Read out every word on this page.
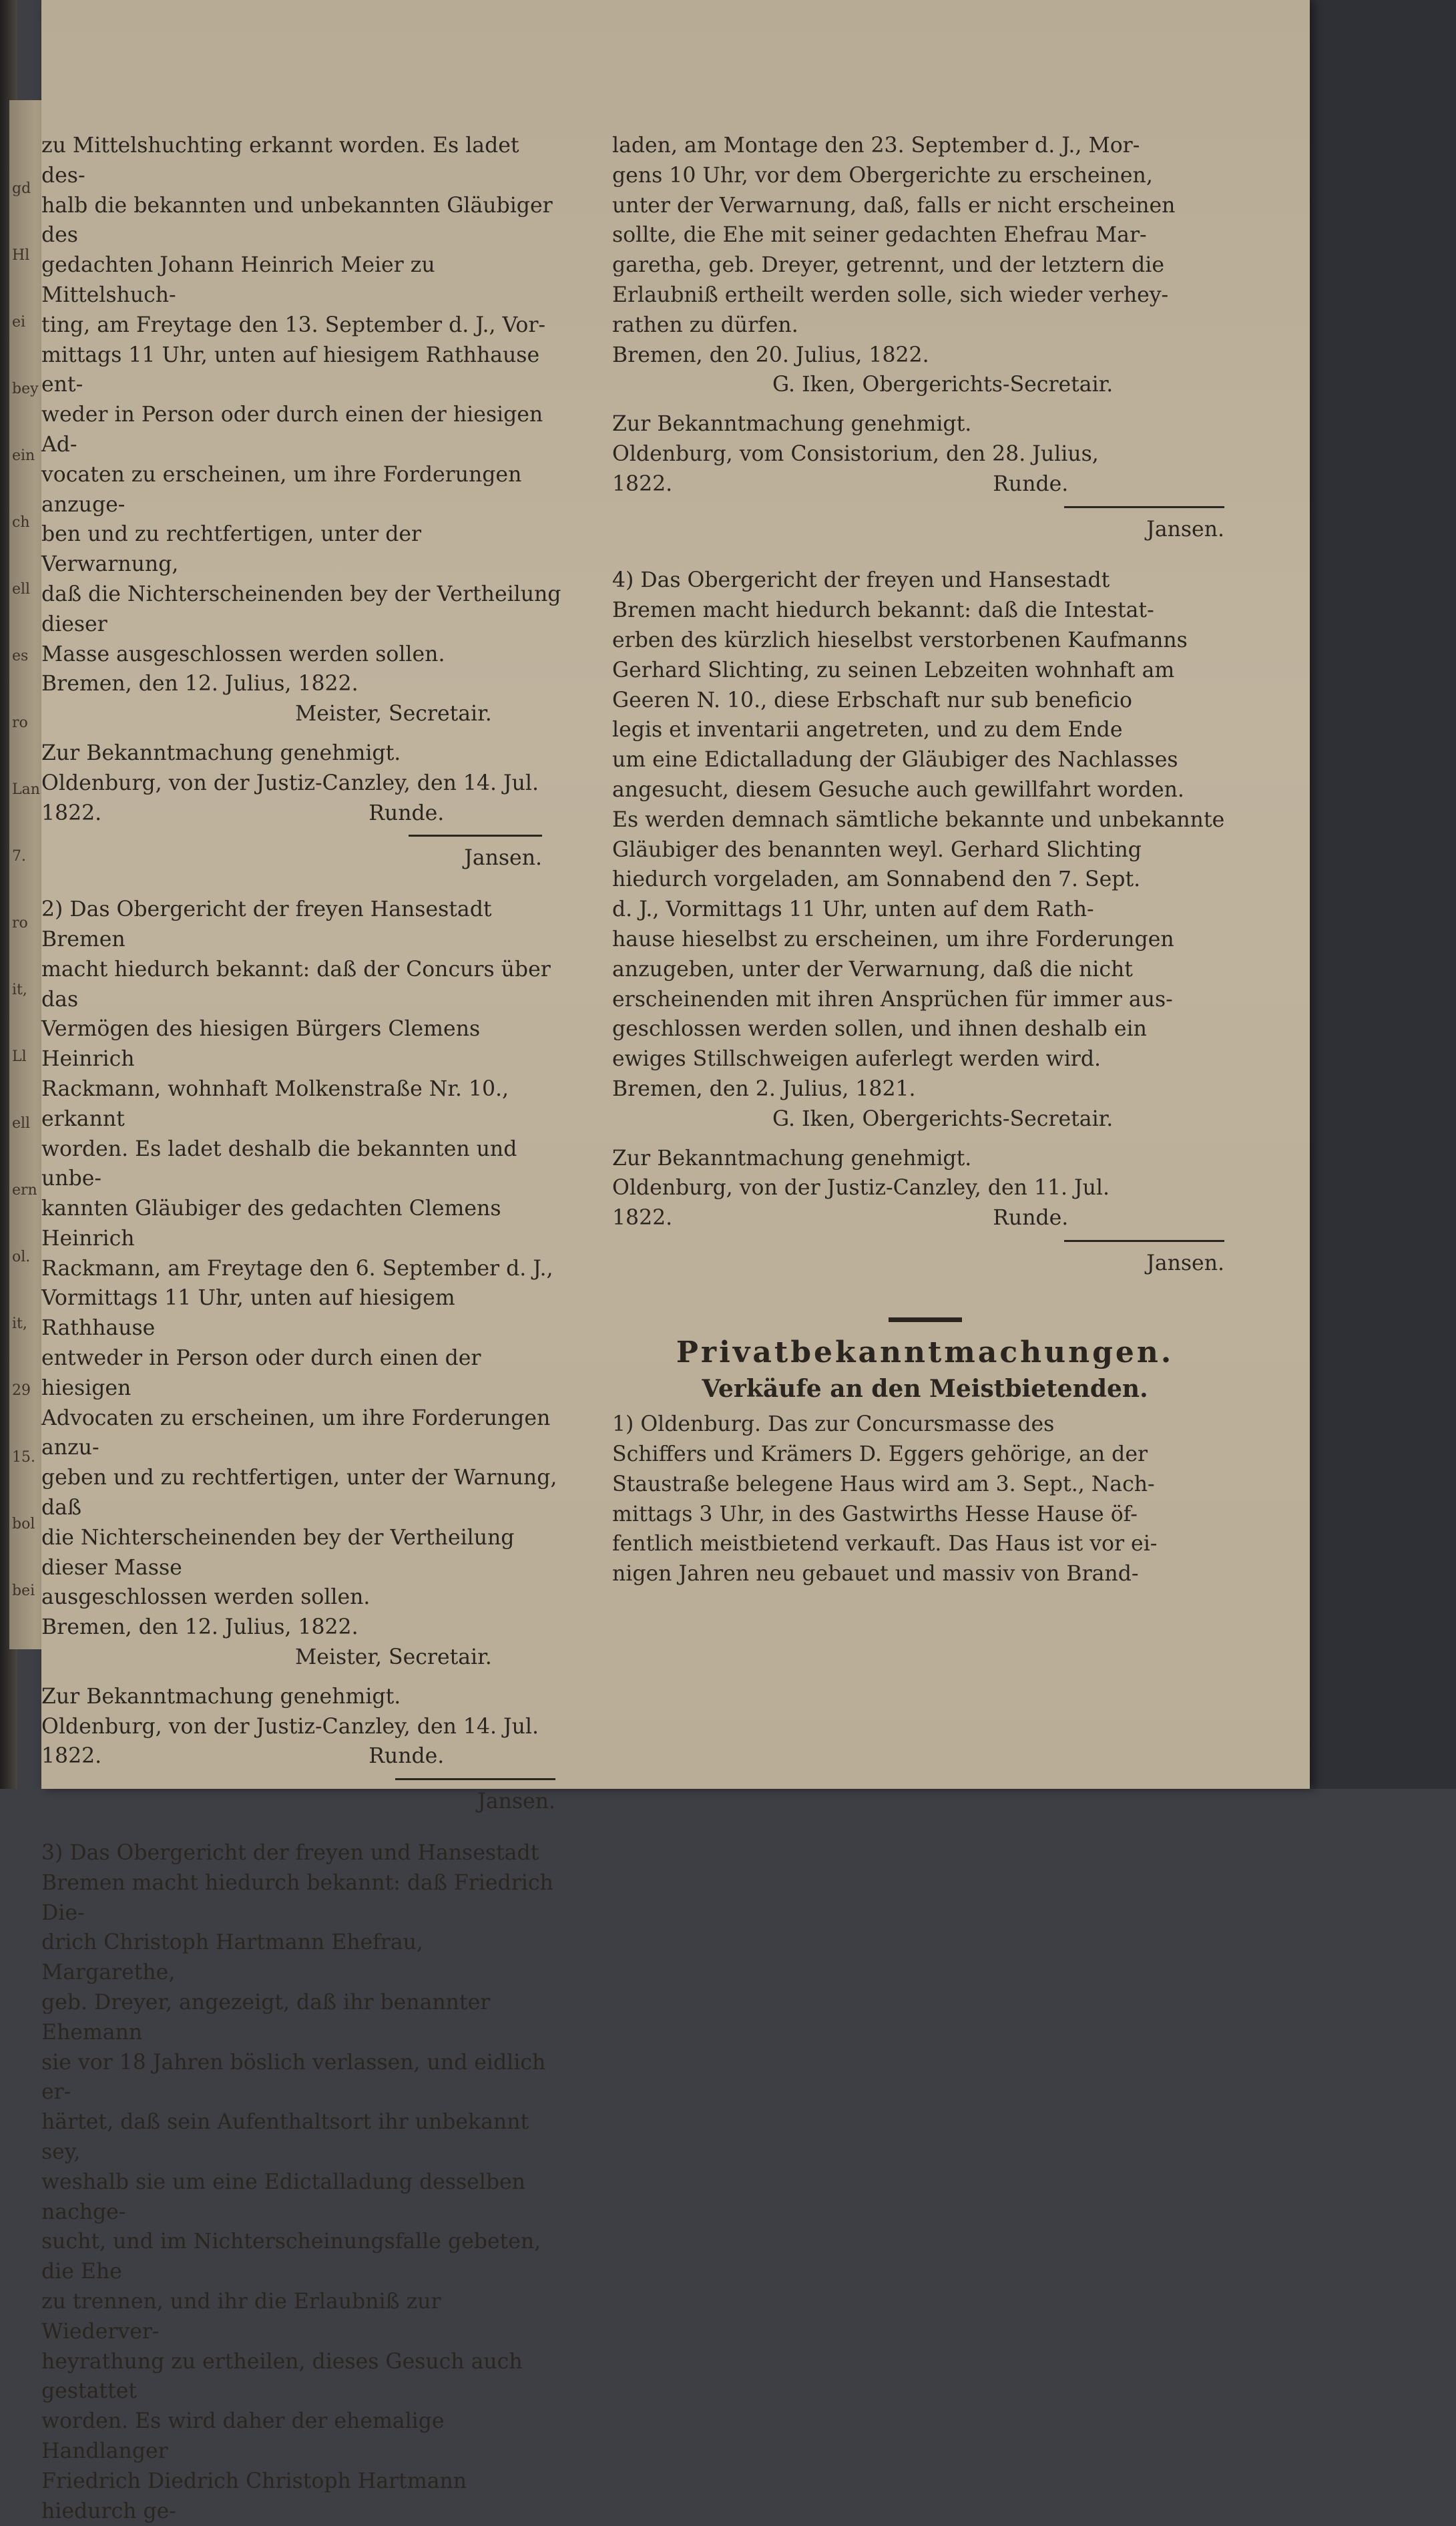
gd
Hl
ei
bey
ein
ch
ell
es
ro
Lan
7.
ro
it,
Ll
ell
ern
ol.
it,
29
15.
bol
bei

zu Mittelshuchting erkannt worden. Es ladet des-

halb die bekannten und unbekannten Gläubiger des

gedachten Johann Heinrich Meier zu Mittelshuch-

ting, am Freytage den 13. September d. J., Vor-

mittags 11 Uhr, unten auf hiesigem Rathhause ent-

weder in Person oder durch einen der hiesigen Ad-

vocaten zu erscheinen, um ihre Forderungen anzuge-

ben und zu rechtfertigen, unter der Verwarnung,

daß die Nichterscheinenden bey der Vertheilung dieser

Masse ausgeschlossen werden sollen.

Bremen, den 12. Julius, 1822.

Meister, Secretair.

Zur Bekanntmachung genehmigt.

Oldenburg, von der Justiz-Canzley, den 14. Jul.

1822.	Runde.

Jansen.

2) Das Obergericht der freyen Hansestadt Bremen

macht hiedurch bekannt: daß der Concurs über das

Vermögen des hiesigen Bürgers Clemens Heinrich

Rackmann, wohnhaft Molkenstraße Nr. 10., erkannt

worden. Es ladet deshalb die bekannten und unbe-

kannten Gläubiger des gedachten Clemens Heinrich

Rackmann, am Freytage den 6. September d. J.,

Vormittags 11 Uhr, unten auf hiesigem Rathhause

entweder in Person oder durch einen der hiesigen

Advocaten zu erscheinen, um ihre Forderungen anzu-

geben und zu rechtfertigen, unter der Warnung, daß

die Nichterscheinenden bey der Vertheilung dieser Masse

ausgeschlossen werden sollen.

Bremen, den 12. Julius, 1822.

Meister, Secretair.

Zur Bekanntmachung genehmigt.

Oldenburg, von der Justiz-Canzley, den 14. Jul.

1822.	Runde.

Jansen.

3) Das Obergericht der freyen und Hansestadt

Bremen macht hiedurch bekannt: daß Friedrich Die-

drich Christoph Hartmann Ehefrau, Margarethe,

geb. Dreyer, angezeigt, daß ihr benannter Ehemann

sie vor 18 Jahren böslich verlassen, und eidlich er-

härtet, daß sein Aufenthaltsort ihr unbekannt sey,

weshalb sie um eine Edictalladung desselben nachge-

sucht, und im Nichterscheinungsfalle gebeten, die Ehe

zu trennen, und ihr die Erlaubniß zur Wiederver-

heyrathung zu ertheilen, dieses Gesuch auch gestattet

worden. Es wird daher der ehemalige Handlanger

Friedrich Diedrich Christoph Hartmann hiedurch ge-

laden, am Montage den 23. September d. J., Mor-

gens 10 Uhr, vor dem Obergerichte zu erscheinen,

unter der Verwarnung, daß, falls er nicht erscheinen

sollte, die Ehe mit seiner gedachten Ehefrau Mar-

garetha, geb. Dreyer, getrennt, und der letztern die

Erlaubniß ertheilt werden solle, sich wieder verhey-

rathen zu dürfen.

Bremen, den 20. Julius, 1822.

G. Iken, Obergerichts-Secretair.

Zur Bekanntmachung genehmigt.

Oldenburg, vom Consistorium, den 28. Julius,

1822.	Runde.

Jansen.

4) Das Obergericht der freyen und Hansestadt

Bremen macht hiedurch bekannt: daß die Intestat-

erben des kürzlich hieselbst verstorbenen Kaufmanns

Gerhard Slichting, zu seinen Lebzeiten wohnhaft am

Geeren N. 10., diese Erbschaft nur sub beneficio

legis et inventarii angetreten, und zu dem Ende

um eine Edictalladung der Gläubiger des Nachlasses

angesucht, diesem Gesuche auch gewillfahrt worden.

Es werden demnach sämtliche bekannte und unbekannte

Gläubiger des benannten weyl. Gerhard Slichting

hiedurch vorgeladen, am Sonnabend den 7. Sept.

d. J., Vormittags 11 Uhr, unten auf dem Rath-

hause hieselbst zu erscheinen, um ihre Forderungen

anzugeben, unter der Verwarnung, daß die nicht

erscheinenden mit ihren Ansprüchen für immer aus-

geschlossen werden sollen, und ihnen deshalb ein

ewiges Stillschweigen auferlegt werden wird.

Bremen, den 2. Julius, 1821.

G. Iken, Obergerichts-Secretair.

Zur Bekanntmachung genehmigt.

Oldenburg, von der Justiz-Canzley, den 11. Jul.

1822.	Runde.

Jansen.

Privatbekanntmachungen.
Verkäufe an den Meistbietenden.

1) Oldenburg. Das zur Concursmasse des

Schiffers und Krämers D. Eggers gehörige, an der

Staustraße belegene Haus wird am 3. Sept., Nach-

mittags 3 Uhr, in des Gastwirths Hesse Hause öf-

fentlich meistbietend verkauft. Das Haus ist vor ei-

nigen Jahren neu gebauet und massiv von Brand-
